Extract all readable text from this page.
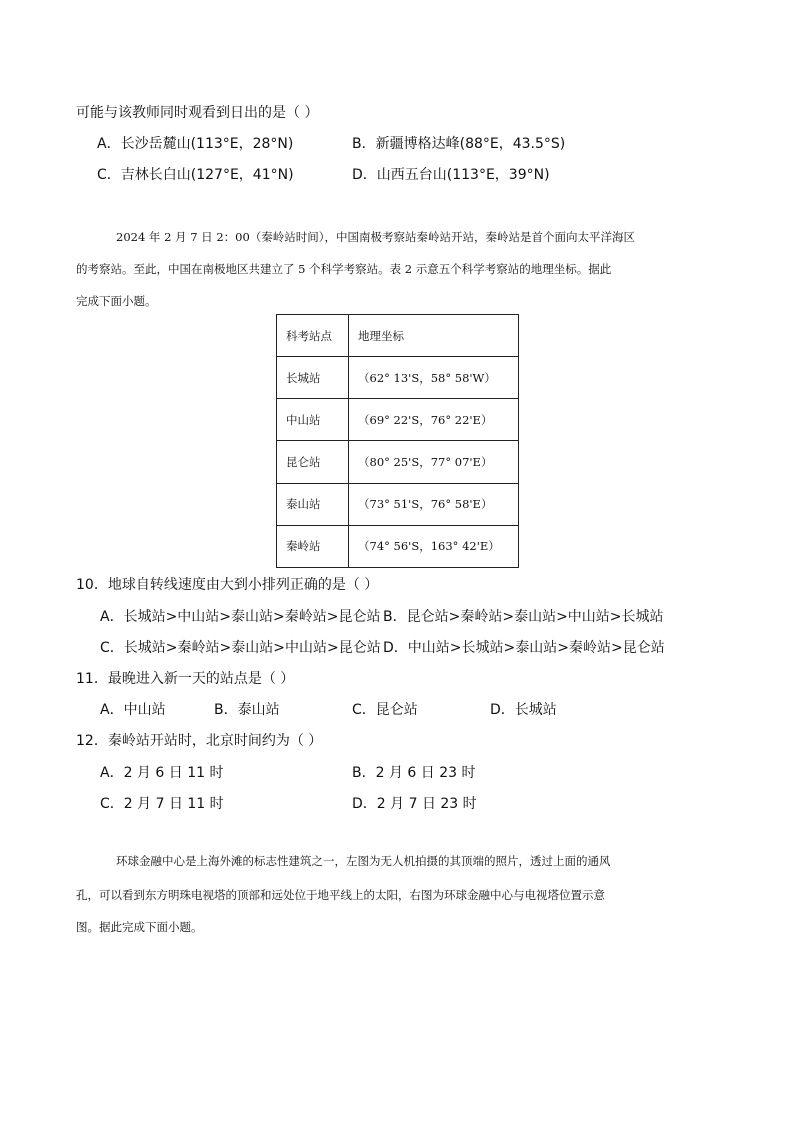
可能与该教师同时观看到日出的是（ ）
A．长沙岳麓山(113°E，28°N)	B．新疆博格达峰(88°E，43.5°S)
C．吉林长白山(127°E，41°N)	D．山西五台山(113°E，39°N)
2024 年 2 月 7 日 2：00（秦岭站时间），中国南极考察站秦岭站开站，秦岭站是首个面向太平洋海区
的考察站。至此，中国在南极地区共建立了 5 个科学考察站。表 2 示意五个科学考察站的地理坐标。据此
完成下面小题。
科考站点	地理坐标
长城站	（62° 13'S，58° 58'W）
中山站	（69° 22'S，76° 22'E）
昆仑站	（80° 25'S，77° 07'E）
泰山站	（73° 51'S，76° 58'E）
秦岭站	（74° 56'S，163° 42'E）
10．地球自转线速度由大到小排列正确的是（ ）
A．长城站>中山站>泰山站>秦岭站>昆仑站 B．昆仑站>秦岭站>泰山站>中山站>长城站
C．长城站>秦岭站>泰山站>中山站>昆仑站 D．中山站>长城站>泰山站>秦岭站>昆仑站
11．最晚进入新一天的站点是（ ）
A．中山站	B．泰山站	C．昆仑站	D．长城站
12．秦岭站开站时，北京时间约为（ ）
A．2 月 6 日 11 时	B．2 月 6 日 23 时
C．2 月 7 日 11 时	D．2 月 7 日 23 时
环球金融中心是上海外滩的标志性建筑之一，左图为无人机拍摄的其顶端的照片，透过上面的通风
孔，可以看到东方明珠电视塔的顶部和远处位于地平线上的太阳，右图为环球金融中心与电视塔位置示意
图。据此完成下面小题。
